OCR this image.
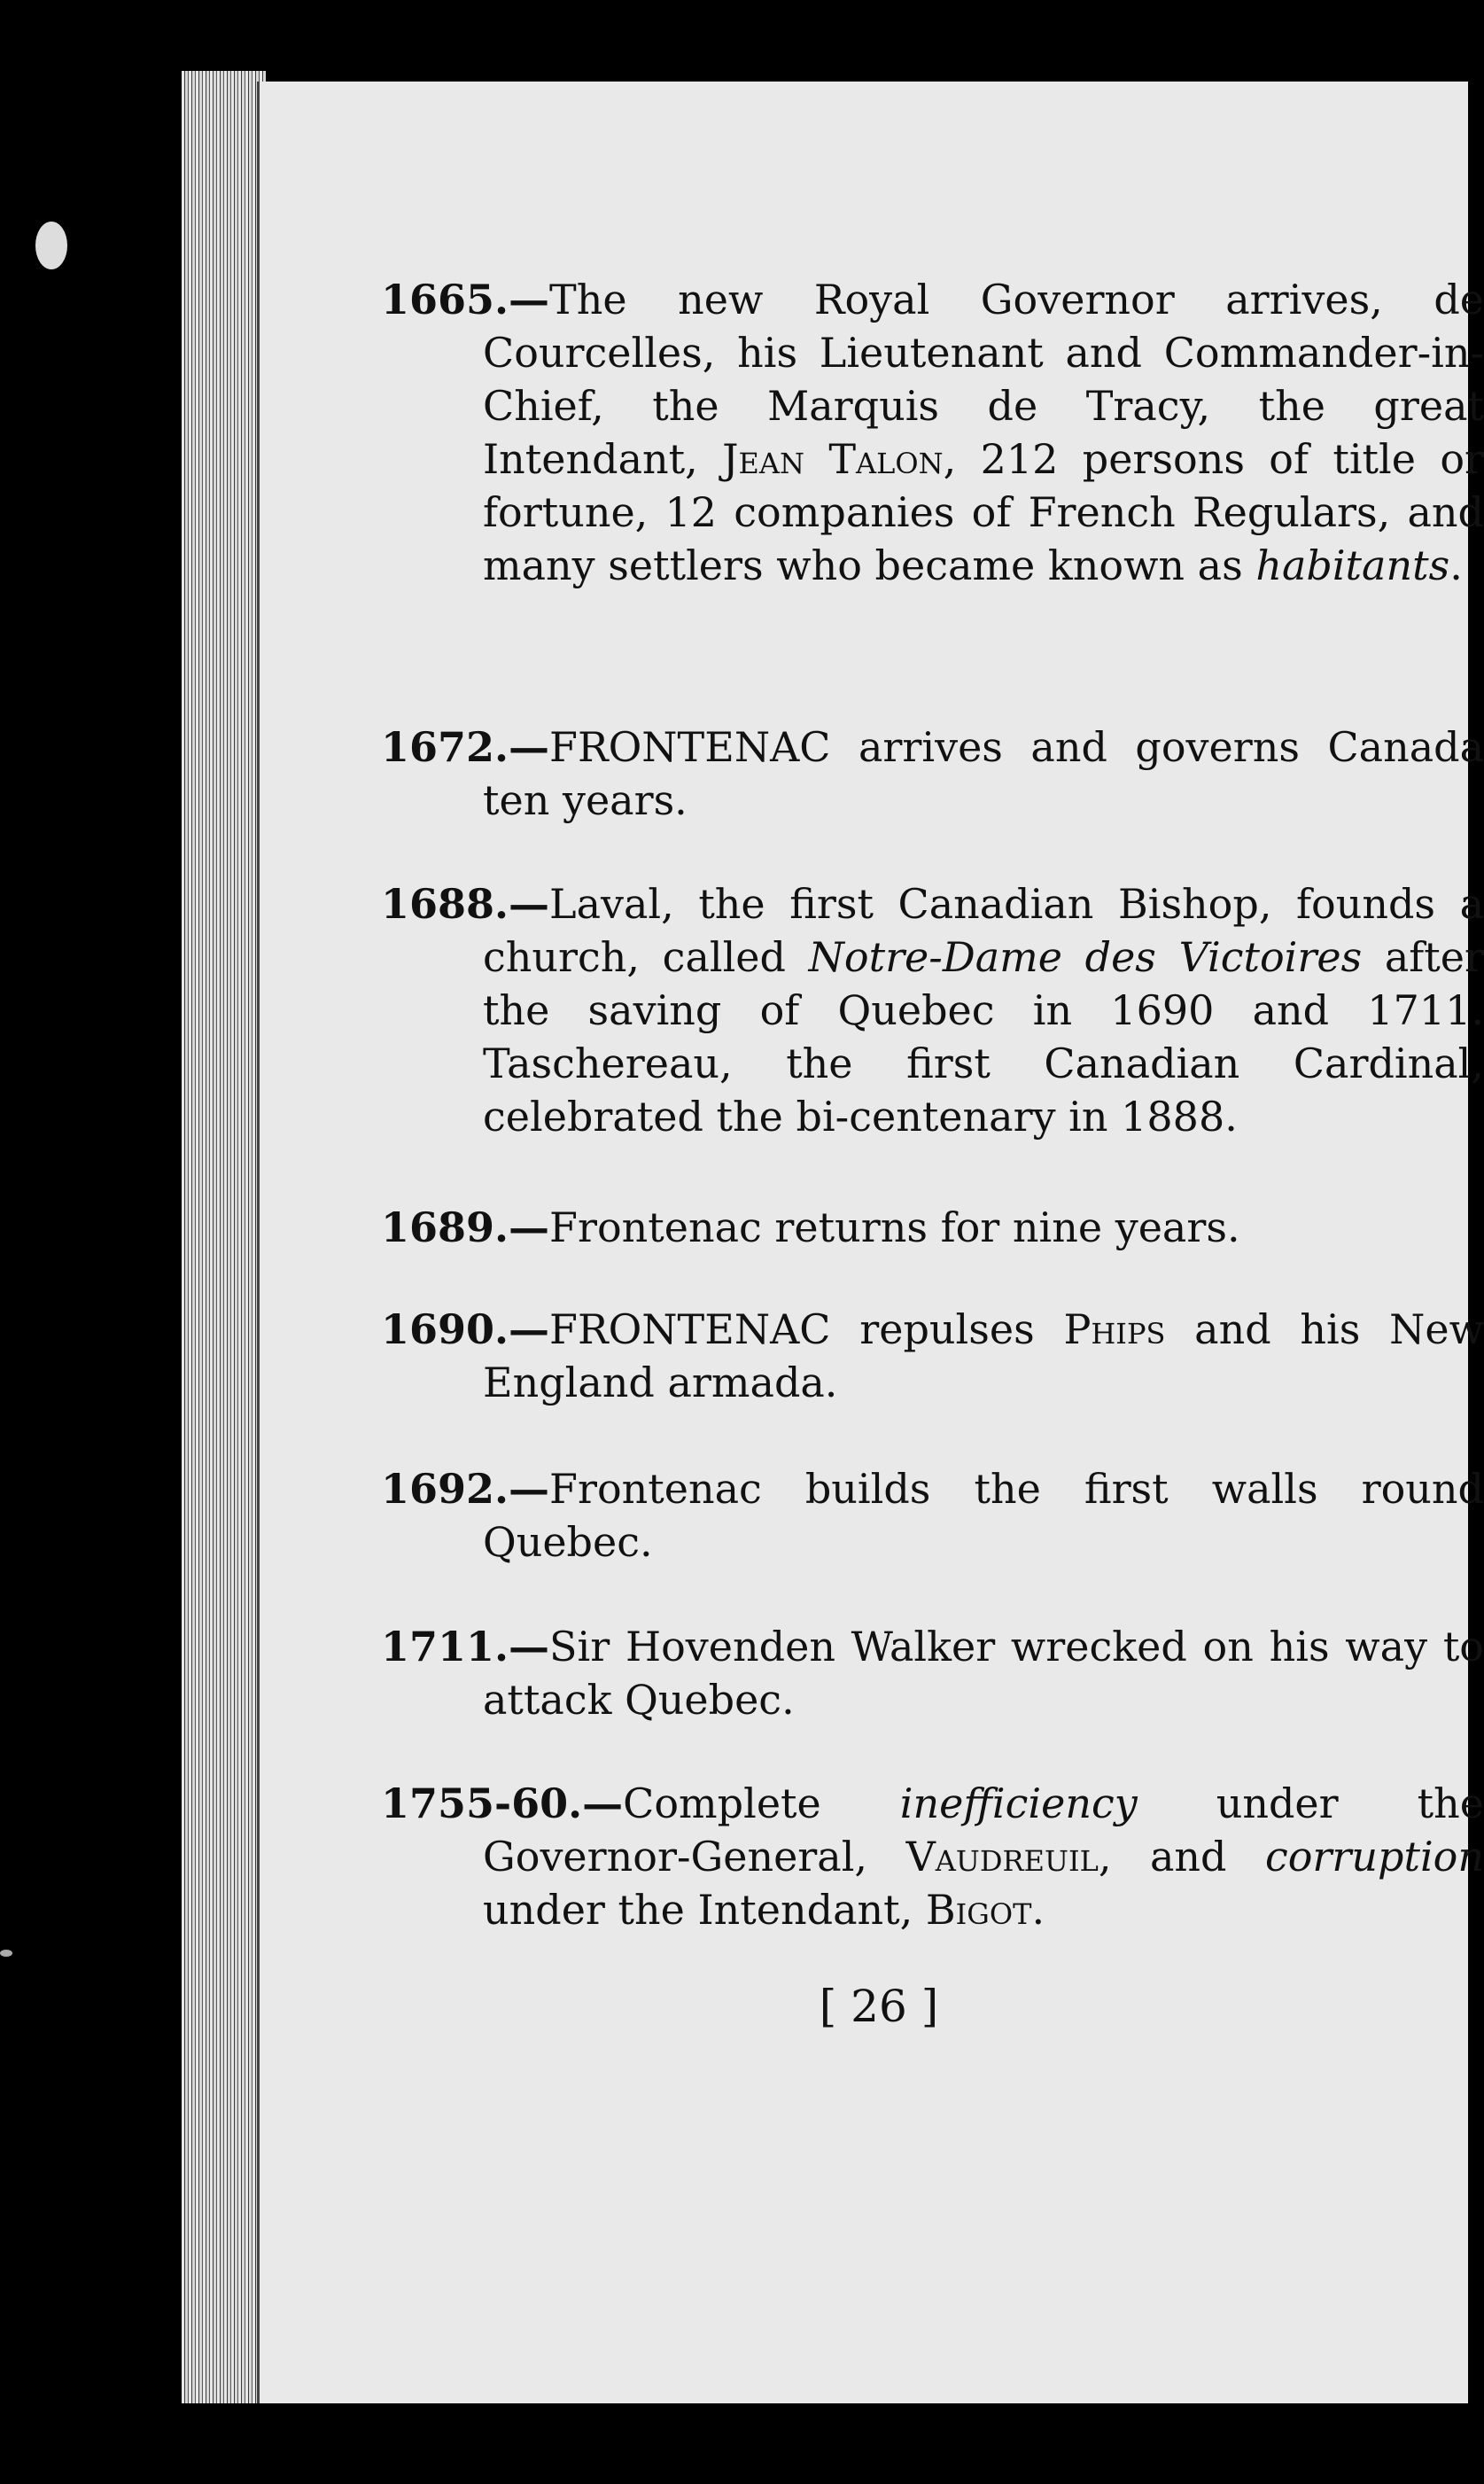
1665.—The new Royal Governor arrives, de Courcelles, his Lieutenant and Commander-in-Chief, the Marquis de Tracy, the great Intendant, Jean Talon, 212 persons of title or fortune, 12 companies of French Regulars, and many settlers who became known as habitants.
1672.—FRONTENAC arrives and governs Canada ten years.
1688.—Laval, the first Canadian Bishop, founds a church, called Notre-Dame des Victoires after the saving of Quebec in 1690 and 1711. Taschereau, the first Canadian Cardinal, celebrated the bi-centenary in 1888.
1689.—Frontenac returns for nine years.
1690.—FRONTENAC repulses Phips and his New England armada.
1692.—Frontenac builds the first walls round Quebec.
1711.—Sir Hovenden Walker wrecked on his way to attack Quebec.
1755-60.—Complete inefficiency under the Governor-General, Vaudreuil, and corruption under the Intendant, Bigot.
[ 26 ]
